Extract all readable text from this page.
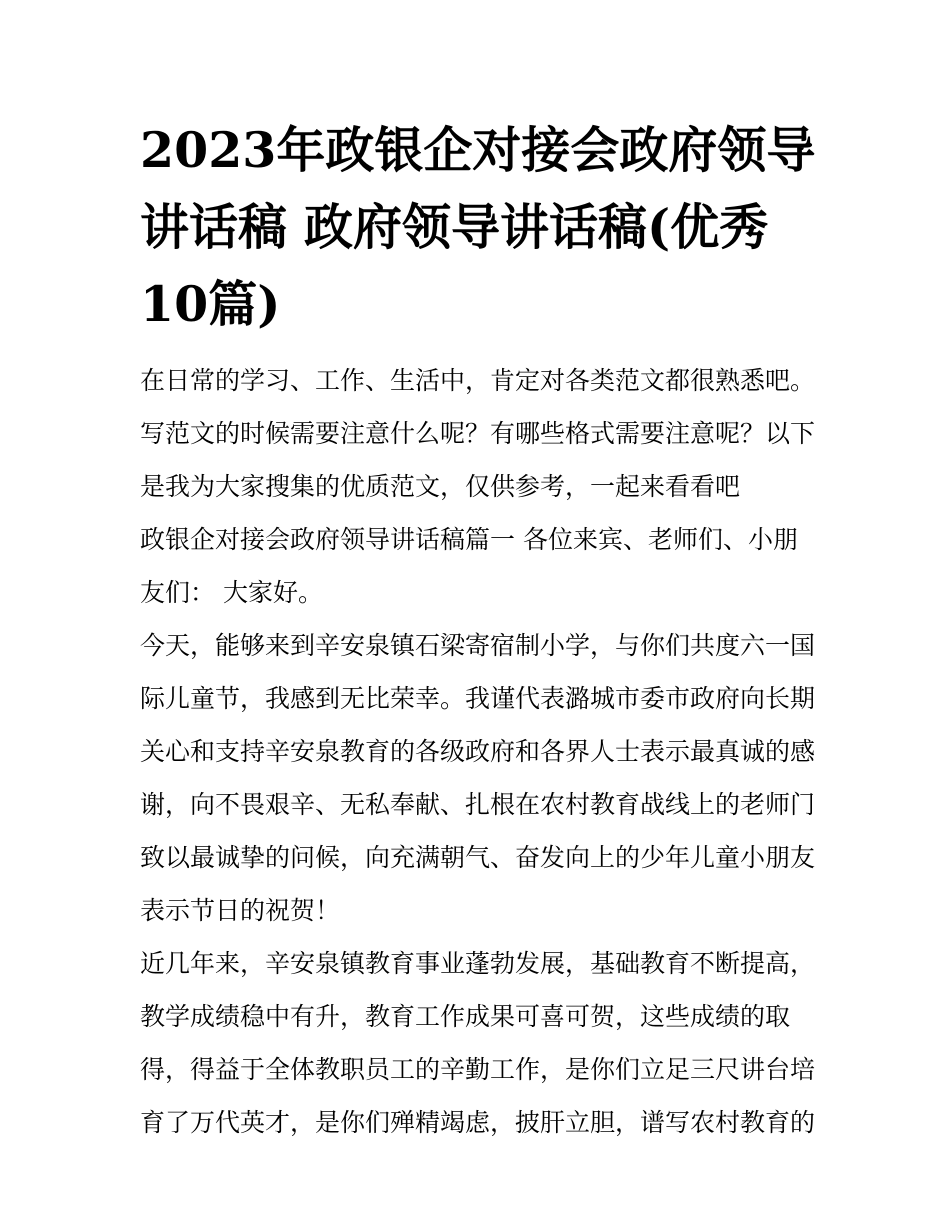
2023年政银企对接会政府领导
讲话稿 政府领导讲话稿(优秀
10篇)
在日常的学习、工作、生活中，肯定对各类范文都很熟悉吧。
写范文的时候需要注意什么呢？有哪些格式需要注意呢？以下
是我为大家搜集的优质范文，仅供参考，一起来看看吧
政银企对接会政府领导讲话稿篇一 各位来宾、老师们、小朋
友们： 大家好。
今天，能够来到辛安泉镇石梁寄宿制小学，与你们共度六一国
际儿童节，我感到无比荣幸。我谨代表潞城市委市政府向长期
关心和支持辛安泉教育的各级政府和各界人士表示最真诚的感
谢，向不畏艰辛、无私奉献、扎根在农村教育战线上的老师门
致以最诚挚的问候，向充满朝气、奋发向上的少年儿童小朋友
表示节日的祝贺！
近几年来，辛安泉镇教育事业蓬勃发展，基础教育不断提高，
教学成绩稳中有升，教育工作成果可喜可贺，这些成绩的取
得，得益于全体教职员工的辛勤工作，是你们立足三尺讲台培
育了万代英才，是你们殚精竭虑，披肝立胆，谱写农村教育的
